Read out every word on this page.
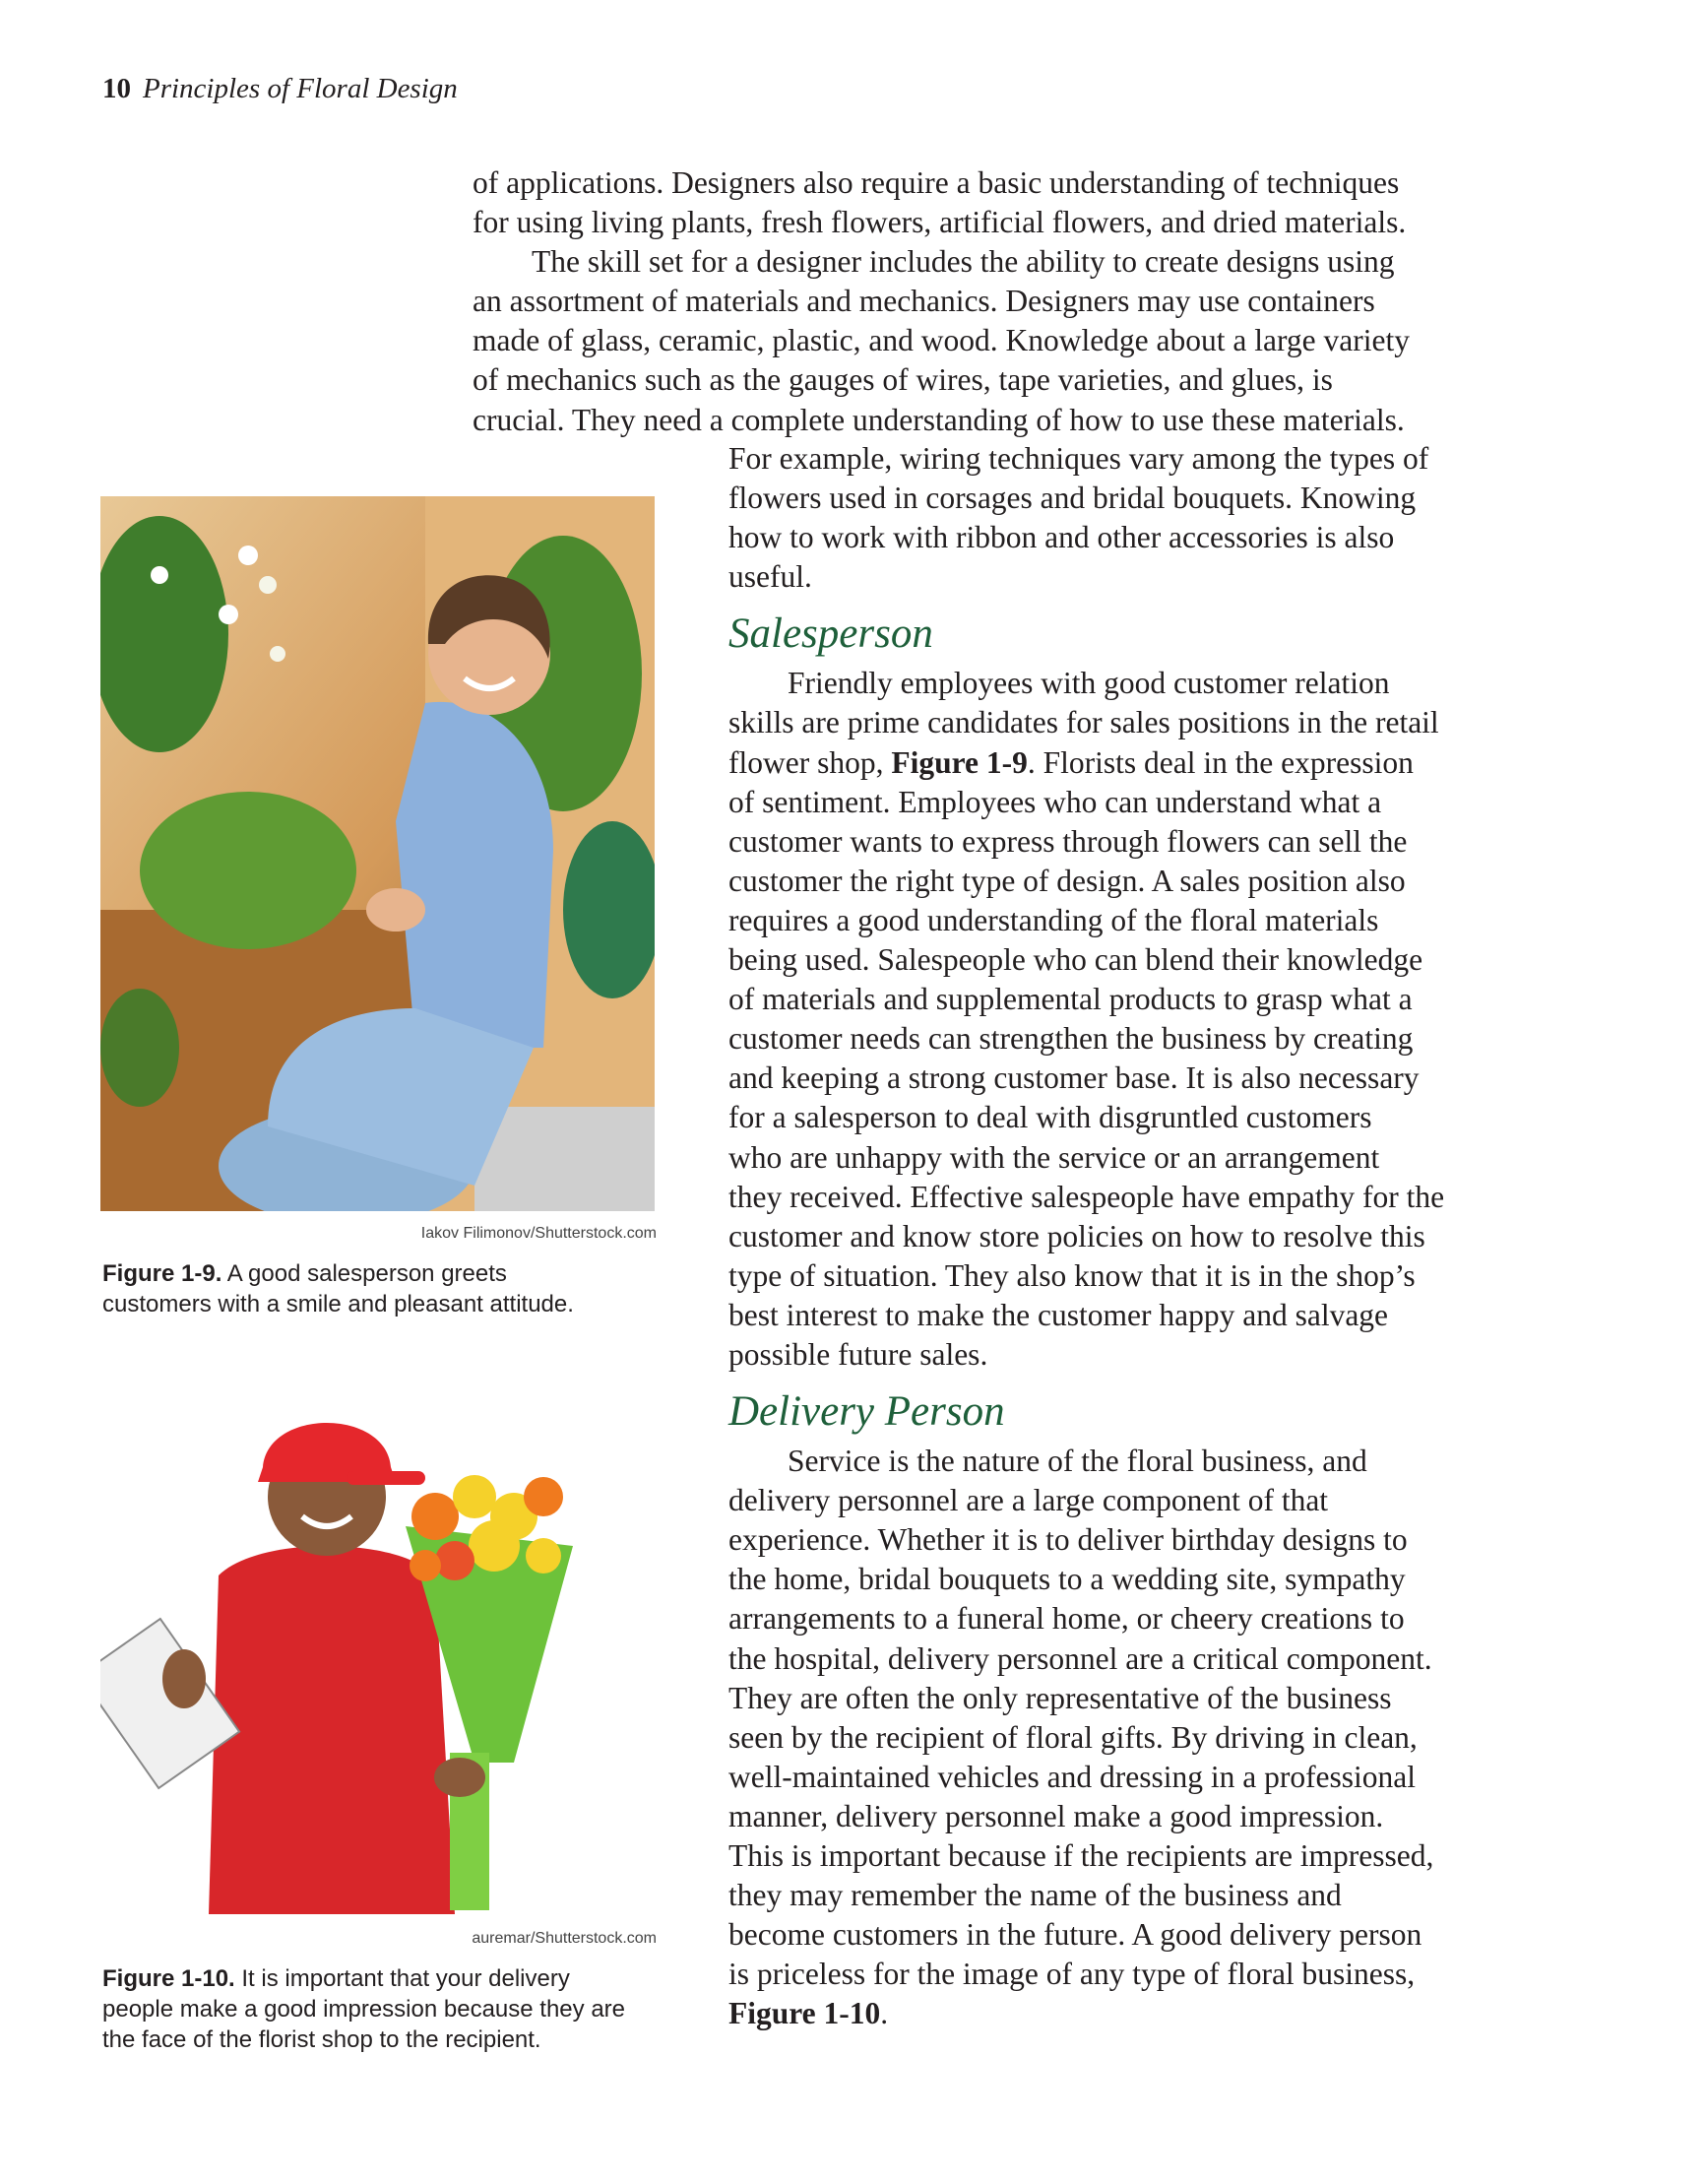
10 Principles of Floral Design
of applications. Designers also require a basic understanding of techniques
for using living plants, fresh flowers, artificial flowers, and dried materials.
The skill set for a designer includes the ability to create designs using
an assortment of materials and mechanics. Designers may use containers
made of glass, ceramic, plastic, and wood. Knowledge about a large variety
of mechanics such as the gauges of wires, tape varieties, and glues, is
crucial. They need a complete understanding of how to use these materials.
For example, wiring techniques vary among the types of
flowers used in corsages and bridal bouquets. Knowing
how to work with ribbon and other accessories is also
useful.
Salesperson
Friendly employees with good customer relation
skills are prime candidates for sales positions in the retail
flower shop, Figure 1-9. Florists deal in the expression
of sentiment. Employees who can understand what a
customer wants to express through flowers can sell the
customer the right type of design. A sales position also
requires a good understanding of the floral materials
being used. Salespeople who can blend their knowledge
of materials and supplemental products to grasp what a
customer needs can strengthen the business by creating
and keeping a strong customer base. It is also necessary
for a salesperson to deal with disgruntled customers
who are unhappy with the service or an arrangement
they received. Effective salespeople have empathy for the
customer and know store policies on how to resolve this
type of situation. They also know that it is in the shop’s
best interest to make the customer happy and salvage
possible future sales.
Delivery Person
Service is the nature of the floral business, and
delivery personnel are a large component of that
experience. Whether it is to deliver birthday designs to
the home, bridal bouquets to a wedding site, sympathy
arrangements to a funeral home, or cheery creations to
the hospital, delivery personnel are a critical component.
They are often the only representative of the business
seen by the recipient of floral gifts. By driving in clean,
well-maintained vehicles and dressing in a professional
manner, delivery personnel make a good impression.
This is important because if the recipients are impressed,
they may remember the name of the business and
become customers in the future. A good delivery person
is priceless for the image of any type of floral business,
Figure 1-10.
Iakov Filimonov/Shutterstock.com
Figure 1-9. A good salesperson greets
customers with a smile and pleasant attitude.
auremar/Shutterstock.com
Figure 1-10. It is important that your delivery
people make a good impression because they are
the face of the florist shop to the recipient.
